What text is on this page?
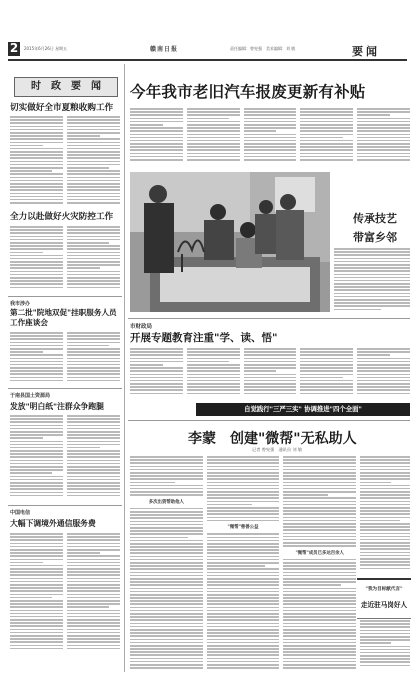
2	2015年6月26日 星期五	赣南日报	责任编辑：曾宪强　美术编辑：刘 敏	要闻
时　政　要　闻
切实做好全市夏粮收购工作
全力以赴做好火灾防控工作
我市涉办
第二批"院地双促"挂职服务人员工作座谈会
于南县国土资源局
发放"明白纸"注群众争跑腿
中国电信
大幅下调境外通信服务费
今年我市老旧汽车报废更新有补贴
传承技艺
带富乡邻
市财政局
开展专题教育注重"学、读、悟"
自觉践行"三严三实" 协调推进"四个全面"
李蒙　创建"微帮"无私助人
记者 曾宪强　通讯员 刘 敏
多次出资帮助他人
"微帮"慈善公益
"微帮"成员已多达百余人
"我为目标献代言"
走近驻马岗好人
